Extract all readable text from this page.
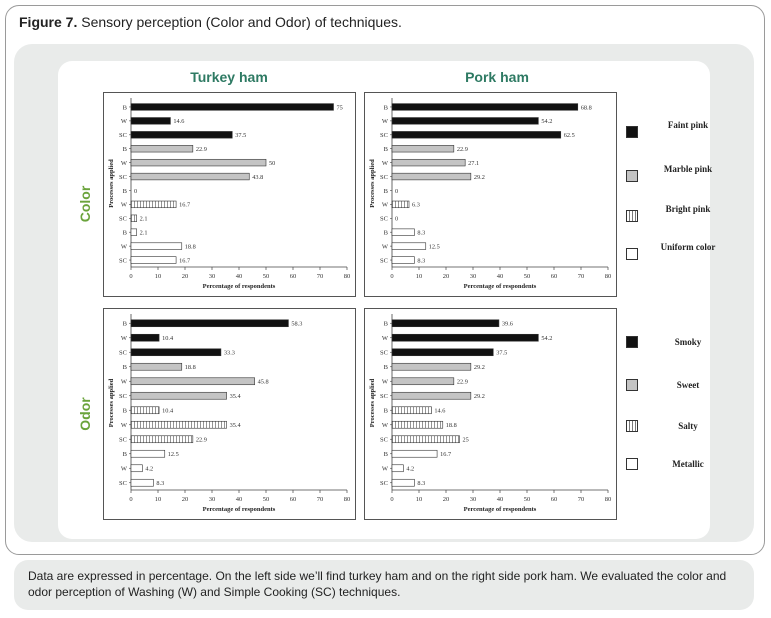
Figure 7. Sensory perception (Color and Odor) of techniques.
Turkey ham	Pork ham
Color
Odor
0	10	20	30	40	50	60	70	80
Percentage of respondents
Processes applied
B	75
W	14.6
SC	37.5
B	22.9
W	50
SC	43.8
B 0
W	16.7
SC 2.1
B 2.1
W	18.8
SC	16.7
0	10	20	30	40	50	60	70	80
Percentage of respondents
Processes applied
B	68.8
W	54.2
SC	62.5
B	22.9
W	27.1
SC	29.2
B 0
W	6.3
SC 0
B	8.3
W	12.5
SC	8.3
0	10	20	30	40	50	60	70	80
Percentage of respondents
Processes applied
B	58.3
W	10.4
SC	33.3
B	18.8
W	45.8
SC	35.4
B	10.4
W	35.4
SC	22.9
B	12.5
W	4.2
SC	8.3
0	10	20	30	40	50	60	70	80
Percentage of respondents
Processes applied
B	39.6
W	54.2
SC	37.5
B	29.2
W	22.9
SC	29.2
B	14.6
W	18.8
SC	25
B	16.7
W	4.2
SC	8.3
Faint pink
Marble pink
Bright pink
Uniform color
Smoky
Sweet
Salty
Metallic
Data are expressed in percentage. On the left side we’ll find turkey ham and on the right side pork ham. We evaluated the color and odor perception of Washing (W) and Simple Cooking (SC) techniques.
